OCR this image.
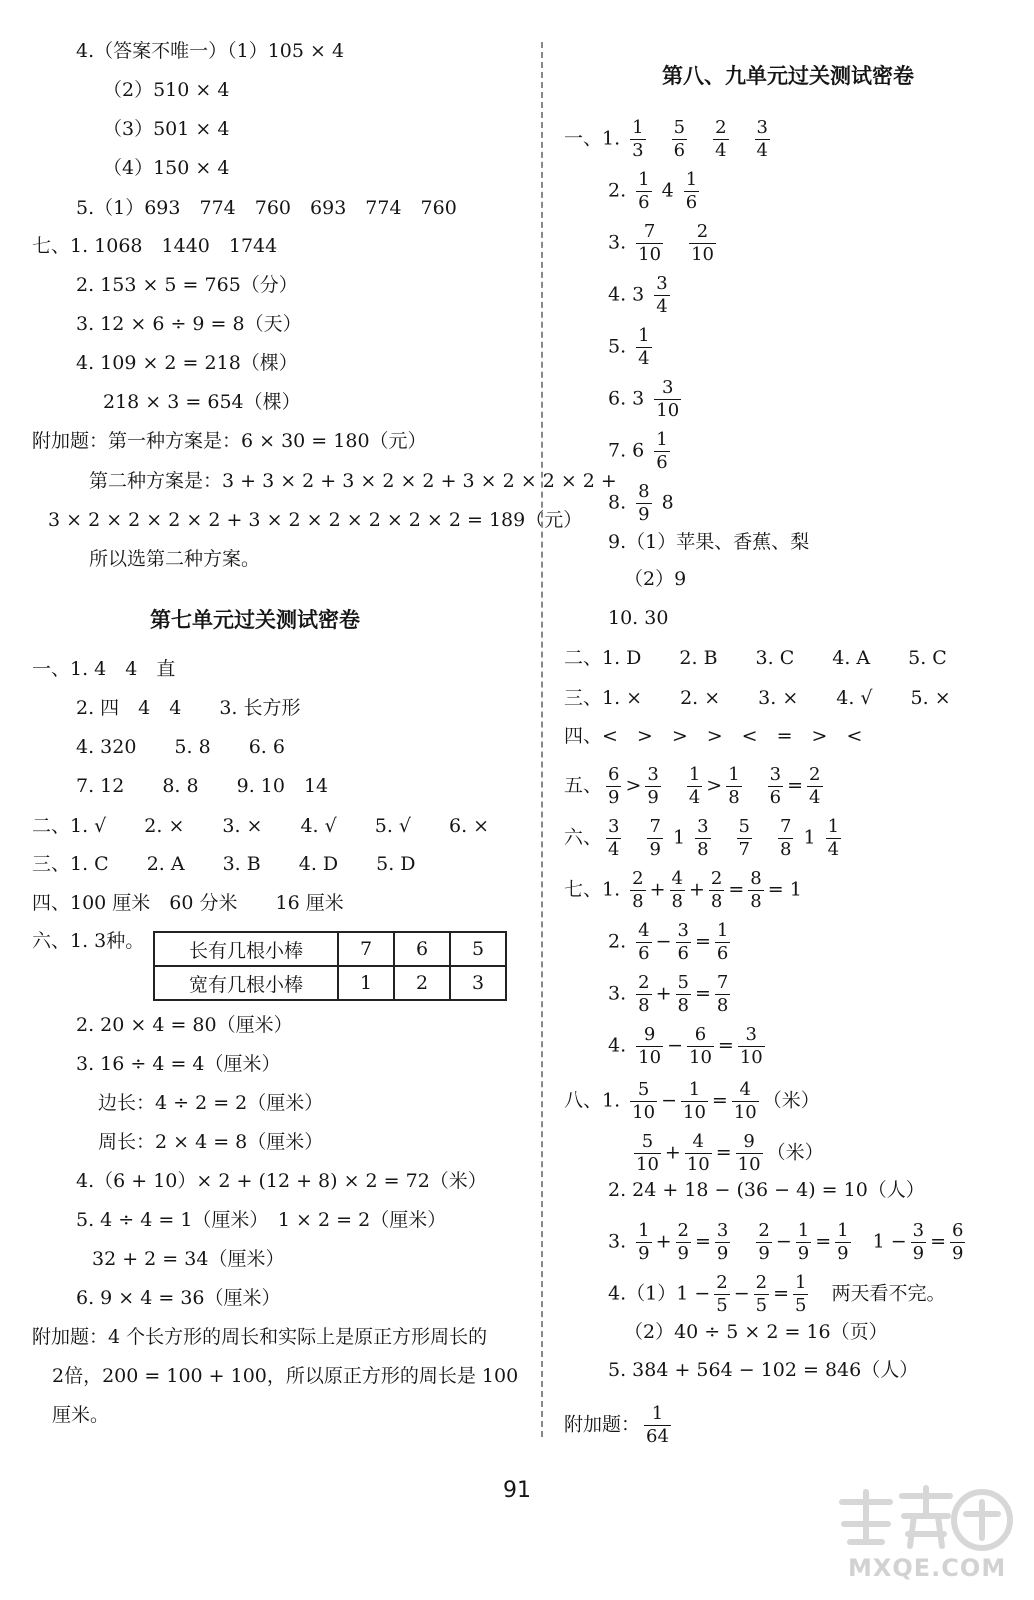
4.（答案不唯一）（1）105 × 4
（2）510 × 4
（3）501 × 4
（4）150 × 4
5.（1）693　774　760　693　774　760
七、1. 1068　1440　1744
2. 153 × 5 = 765（分）
3. 12 × 6 ÷ 9 = 8（天）
4. 109 × 2 = 218（棵）
218 × 3 = 654（棵）
附加题：第一种方案是：6 × 30 = 180（元）
第二种方案是：3 + 3 × 2 + 3 × 2 × 2 + 3 × 2 × 2 × 2 +
3 × 2 × 2 × 2 × 2 + 3 × 2 × 2 × 2 × 2 × 2 = 189（元）
所以选第二种方案。
第七单元过关测试密卷
一、1. 4　4　直
2. 四　4　4　　3. 长方形
4. 320　　5. 8　　6. 6
7. 12　　8. 8　　9. 10　14
二、1. √　　2. ×　　3. ×　　4. √　　5. √　　6. ×
三、1. C　　2. A　　3. B　　4. D　　5. D
四、100 厘米　60 分米　　16 厘米
六、1. 3种。
2. 20 × 4 = 80（厘米）
3. 16 ÷ 4 = 4（厘米）
边长：4 ÷ 2 = 2（厘米）
周长：2 × 4 = 8（厘米）
4.（6 + 10）× 2 + (12 + 8) × 2 = 72（米）
5. 4 ÷ 4 = 1（厘米）　1 × 2 = 2（厘米）
32 + 2 = 34（厘米）
6. 9 × 4 = 36（厘米）
附加题：4 个长方形的周长和实际上是原正方形周长的
2倍，200 = 100 + 100，所以原正方形的周长是 100
厘米。
第八、九单元过关测试密卷
一、1. $\frac{1}{3} \frac{5}{6} \frac{2}{4} \frac{3}{4}$
2. $\frac{1}{6} 4 \frac{1}{6}$
3. $\frac{7}{10} \frac{2}{10}$
4. $3 \frac{3}{4}$
5. $\frac{1}{4}$
6. $3 \frac{3}{10}$
7. $6 \frac{1}{6}$
8. $\frac{8}{9} 8$
9.（1）苹果、香蕉、梨
（2）9
10. 30
二、1. D　　2. B　　3. C　　4. A　　5. C
三、1. ×　　2. ×　　3. ×　　4. √　　5. ×
四、<　>　>　>　<　=　>　<
五、 $\frac{6}{9} > \frac{3}{9} \frac{1}{4} > \frac{1}{8} \frac{3}{6} = \frac{2}{4}$
六、 $\frac{3}{4} \frac{7}{9} 1 \frac{3}{8} \frac{5}{7} \frac{7}{8} 1 \frac{1}{4}$
七、1. $\frac{2}{8} + \frac{4}{8} + \frac{2}{8} = \frac{8}{8} = 1$
2. $\frac{4}{6} - \frac{3}{6} = \frac{1}{6}$
3. $\frac{2}{8} + \frac{5}{8} = \frac{7}{8}$
4. $\frac{9}{10} - \frac{6}{10} = \frac{3}{10}$
八、1. $\frac{5}{10} - \frac{1}{10} = \frac{4}{10}$ （米）
$\frac{5}{10} + \frac{4}{10} = \frac{9}{10}$ （米）
2. 24 + 18 − (36 − 4) = 10（人）
3. $\frac{1}{9} + \frac{2}{9} = \frac{3}{9} \frac{2}{9} - \frac{1}{9} = \frac{1}{9} 1 - \frac{3}{9} = \frac{6}{9}$
$4.(1)1 - \frac{2}{5} - \frac{2}{5} = \frac{1}{5}$ 　两天看不完。
（2）40 ÷ 5 × 2 = 16（页）
5. 384 + 564 − 102 = 846（人）
附加题： $\frac{1}{64}$
长有几根小棒	7	6	5
宽有几根小棒	1	2	3
91
MXQE.COM
